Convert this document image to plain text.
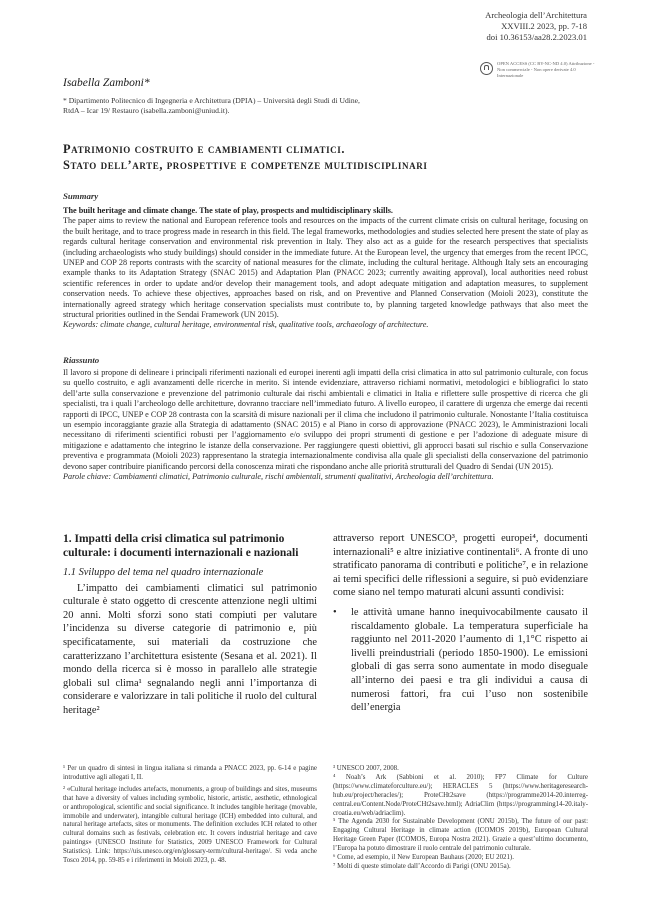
Archeologia dell’Architettura
XXVIII.2 2023, pp. 7-18
doi 10.36153/aa28.2.2023.01
OPEN ACCESS (CC BY-NC-ND 4.0) Attribuzione - Non commerciale - Non opere derivate 4.0 Internazionale
Isabella Zamboni*
* Dipartimento Politecnico di Ingegneria e Architettura (DPIA) – Università degli Studi di Udine, RtdA – Icar 19/ Restauro (isabella.zamboni@uniud.it).
Patrimonio costruito e cambiamenti climatici.
Stato dell’arte, prospettive e competenze multidisciplinari
Summary
The built heritage and climate change. The state of play, prospects and multidisciplinary skills.
The paper aims to review the national and European reference tools and resources on the impacts of the current climate crisis on cultural heritage, focusing on the built heritage, and to trace progress made in research in this field. The legal frameworks, methodologies and studies selected here present the state of play as regards cultural heritage conservation and environmental risk prevention in Italy. They also act as a guide for the research perspectives that specialists (including archaeologists who study buildings) should consider in the immediate future. At the European level, the urgency that emerges from the recent IPCC, UNEP and COP 28 reports contrasts with the scarcity of national measures for the climate, including the cultural heritage. Although Italy sets an encouraging example thanks to its Adaptation Strategy (SNAC 2015) and Adaptation Plan (PNACC 2023; currently awaiting approval), local authorities need robust scientific references in order to update and/or develop their management tools, and adopt adequate mitigation and adaptation measures, to supplement conservation needs. To achieve these objectives, approaches based on risk, and on Preventive and Planned Conservation (Moioli 2023), constitute the internationally agreed strategy which heritage conservation specialists must contribute to, by planning targeted knowledge pathways that also meet the structural priorities outlined in the Sendai Framework (UN 2015).
Keywords: climate change, cultural heritage, environmental risk, qualitative tools, archaeology of architecture.
Riassunto
Il lavoro si propone di delineare i principali riferimenti nazionali ed europei inerenti agli impatti della crisi climatica in atto sul patrimonio culturale, con focus su quello costruito, e agli avanzamenti delle ricerche in merito. Si intende evidenziare, attraverso richiami normativi, metodologici e bibliografici lo stato dell’arte sulla conservazione e prevenzione del patrimonio culturale dai rischi ambientali e climatici in Italia e riflettere sulle prospettive di ricerca che gli specialisti, tra i quali l’archeologo delle architetture, dovranno tracciare nell’immediato futuro. A livello europeo, il carattere di urgenza che emerge dai recenti rapporti di IPCC, UNEP e COP 28 contrasta con la scarsità di misure nazionali per il clima che includono il patrimonio culturale. Nonostante l’Italia costituisca un esempio incoraggiante grazie alla Strategia di adattamento (SNAC 2015) e al Piano in corso di approvazione (PNACC 2023), le Amministrazioni locali necessitano di riferimenti scientifici robusti per l’aggiornamento e/o sviluppo dei propri strumenti di gestione e per l’adozione di adeguate misure di mitigazione e adattamento che integrino le istanze della conservazione. Per raggiungere questi obiettivi, gli approcci basati sul rischio e sulla Conservazione preventiva e programmata (Moioli 2023) rappresentano la strategia internazionalmente condivisa alla quale gli specialisti della conservazione del patrimonio devono saper contribuire pianificando percorsi della conoscenza mirati che rispondano anche alle priorità strutturali del Quadro di Sendai (UN 2015).
Parole chiave: Cambiamenti climatici, Patrimonio culturale, rischi ambientali, strumenti qualitativi, Archeologia dell’architettura.
1. Impatti della crisi climatica sul patrimonio culturale: i documenti internazionali e nazionali
1.1 Sviluppo del tema nel quadro internazionale
L’impatto dei cambiamenti climatici sul patrimonio culturale è stato oggetto di crescente attenzione negli ultimi 20 anni. Molti sforzi sono stati compiuti per valutare l’incidenza su diverse categorie di patrimonio e, più specificatamente, sui materiali da costruzione che caratterizzano l’architettura esistente (Sesana et al. 2021). Il mondo della ricerca si è mosso in parallelo alle strategie globali sul clima¹ segnalando negli anni l’importanza di considerare e valorizzare in tali politiche il ruolo del cultural heritage²
attraverso report UNESCO³, progetti europei⁴, documenti internazionali⁵ e altre iniziative continentali⁶. A fronte di uno stratificato panorama di contributi e politiche⁷, e in relazione ai temi specifici delle riflessioni a seguire, si può evidenziare come siano nel tempo maturati alcuni assunti condivisi:
• le attività umane hanno inequivocabilmente causato il riscaldamento globale. La temperatura superficiale ha raggiunto nel 2011-2020 l’aumento di 1,1°C rispetto ai livelli preindustriali (periodo 1850-1900). Le emissioni globali di gas serra sono aumentate in modo diseguale all’interno dei paesi e tra gli individui a causa di numerosi fattori, fra cui l’uso non sostenibile dell’energia
¹ Per un quadro di sintesi in lingua italiana si rimanda a PNACC 2023, pp. 6-14 e pagine introduttive agli allegati I, II.
² «Cultural heritage includes artefacts, monuments, a group of buildings and sites, museums that have a diversity of values including symbolic, historic, artistic, aesthetic, ethnological or anthropological, scientific and social significance. It includes tangible heritage (movable, immobile and underwater), intangible cultural heritage (ICH) embedded into cultural, and natural heritage artefacts, sites or monuments. The definition excludes ICH related to other cultural domains such as festivals, celebration etc. It covers industrial heritage and cave paintings» (UNESCO Institute for Statistics, 2009 UNESCO Framework for Cultural Statistics). Link: https://uis.unesco.org/en/glossary-term/cultural-heritage/. Si veda anche Tosco 2014, pp. 59-85 e i riferimenti in Moioli 2023, p. 48.
³ UNESCO 2007, 2008.
⁴ Noah’s Ark (Sabbioni et al. 2010); FP7 Climate for Culture (https://www.climateforculture.eu/); HERACLES 5 (https://www.heritageresearch-hub.eu/project/heracles/); ProteCHt2save (https://programme2014-20.interreg-central.eu/Content.Node/ProteCHt2save.html); AdriaClim (https://programming14-20.italy-croatia.eu/web/adriaclim).
⁵ The Agenda 2030 for Sustainable Development (ONU 2015b), The future of our past: Engaging Cultural Heritage in climate action (ICOMOS 2019b), European Cultural Heritage Green Paper (ICOMOS, Europa Nostra 2021). Grazie a quest’ultimo documento, l’Europa ha potuto dimostrare il ruolo centrale del patrimonio culturale.
⁶ Come, ad esempio, il New European Bauhaus (2020; EU 2021).
⁷ Molti di queste stimolate dall’Accordo di Parigi (ONU 2015a).
